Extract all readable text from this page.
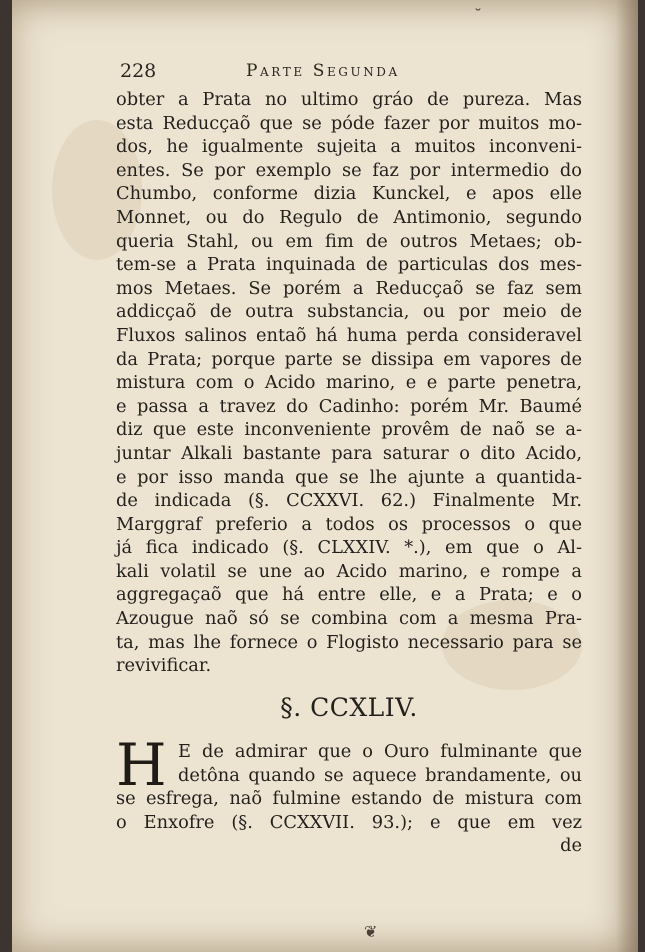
˘
228	Parte Segunda
obter a Prata no ultimo gráo de pureza. Mas
esta Reducçaõ que se póde fazer por muitos mo-
dos, he igualmente sujeita a muitos inconveni-
entes. Se por exemplo se faz por intermedio do
Chumbo, conforme dizia Kunckel, e apos elle
Monnet, ou do Regulo de Antimonio, segundo
queria Stahl, ou em fim de outros Metaes; ob-
tem-se a Prata inquinada de particulas dos mes-
mos Metaes. Se porém a Reducçaõ se faz sem
addicçaõ de outra substancia, ou por meio de
Fluxos salinos entaõ há huma perda consideravel
da Prata; porque parte se dissipa em vapores de
mistura com o Acido marino, e e parte penetra,
e passa a travez do Cadinho: porém Mr. Baumé
diz que este inconveniente provêm de naõ se a-
juntar Alkali bastante para saturar o dito Acido,
e por isso manda que se lhe ajunte a quantida-
de indicada (§. CCXXVI. 62.) Finalmente Mr.
Marggraf preferio a todos os processos o que
já fica indicado (§. CLXXIV. *.), em que o Al-
kali volatil se une ao Acido marino, e rompe a
aggregaçaõ que há entre elle, e a Prata; e o
Azougue naõ só se combina com a mesma Pra-
ta, mas lhe fornece o Flogisto necessario para se
revivificar.
§. CCXLIV.
H E de admirar que o Ouro fulminante que
detôna quando se aquece brandamente, ou
se esfrega, naõ fulmine estando de mistura com
o Enxofre (§. CCXXVII. 93.); e que em vez
de
❦
